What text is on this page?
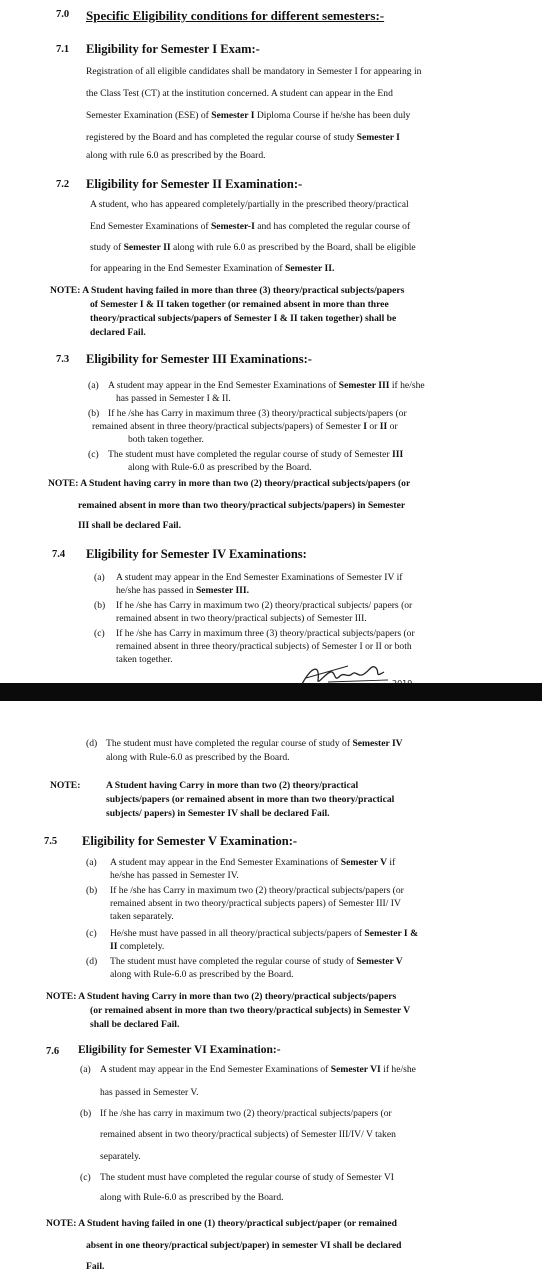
7.0 Specific Eligibility conditions for different semesters:-
7.1 Eligibility for Semester I Exam:-
Registration of all eligible candidates shall be mandatory in Semester I for appearing in
the Class Test (CT) at the institution concerned. A student can appear in the End
Semester Examination (ESE) of Semester I Diploma Course if he/she has been duly
registered by the Board and has completed the regular course of study Semester I
along with rule 6.0 as prescribed by the Board.
7.2 Eligibility for Semester II Examination:-
A student, who has appeared completely/partially in the prescribed theory/practical
End Semester Examinations of Semester-I and has completed the regular course of
study of Semester II along with rule 6.0 as prescribed by the Board, shall be eligible
for appearing in the End Semester Examination of Semester II.
NOTE: A Student having failed in more than three (3) theory/practical subjects/papers
of Semester I & II taken together (or remained absent in more than three
theory/practical subjects/papers of Semester I & II taken together) shall be
declared Fail.
7.3 Eligibility for Semester III Examinations:-
(a) A student may appear in the End Semester Examinations of Semester III if he/she
has passed in Semester I & II.
(b) If he /she has Carry in maximum three (3) theory/practical subjects/papers (or
remained absent in three theory/practical subjects/papers) of Semester I or II or
both taken together.
(c) The student must have completed the regular course of study of Semester III
along with Rule-6.0 as prescribed by the Board.
NOTE: A Student having carry in more than two (2) theory/practical subjects/papers (or
remained absent in more than two theory/practical subjects/papers) in Semester
III shall be declared Fail.
7.4 Eligibility for Semester IV Examinations:
(a) A student may appear in the End Semester Examinations of Semester IV if
he/she has passed in Semester III.
(b) If he /she has Carry in maximum two (2) theory/practical subjects/ papers (or
remained absent in two theory/practical subjects) of Semester III.
(c) If he /she has Carry in maximum three (3) theory/practical subjects/papers (or
remained absent in three theory/practical subjects) of Semester I or II or both
taken together.
(d) The student must have completed the regular course of study of Semester IV
along with Rule-6.0 as prescribed by the Board.
NOTE:	A Student having Carry in more than two (2) theory/practical
subjects/papers (or remained absent in more than two theory/practical
subjects/ papers) in Semester IV shall be declared Fail.
7.5 Eligibility for Semester V Examination:-
(a) A student may appear in the End Semester Examinations of Semester V if
he/she has passed in Semester IV.
(b) If he /she has Carry in maximum two (2) theory/practical subjects/papers (or
remained absent in two theory/practical subjects papers) of Semester III/ IV
taken separately.
(c) He/she must have passed in all theory/practical subjects/papers of Semester I &
II completely.
(d) The student must have completed the regular course of study of Semester V
along with Rule-6.0 as prescribed by the Board.
NOTE: A Student having Carry in more than two (2) theory/practical subjects/papers
(or remained absent in more than two theory/practical subjects) in Semester V
shall be declared Fail.
7.6 Eligibility for Semester VI Examination:-
(a) A student may appear in the End Semester Examinations of Semester VI if he/she
has passed in Semester V.
(b) If he /she has carry in maximum two (2) theory/practical subjects/papers (or
remained absent in two theory/practical subjects) of Semester III/IV/ V taken
separately.
(c) The student must have completed the regular course of study of Semester VI
along with Rule-6.0 as prescribed by the Board.
NOTE: A Student having failed in one (1) theory/practical subject/paper (or remained
absent in one theory/practical subject/paper) in semester VI shall be declared
Fail.
